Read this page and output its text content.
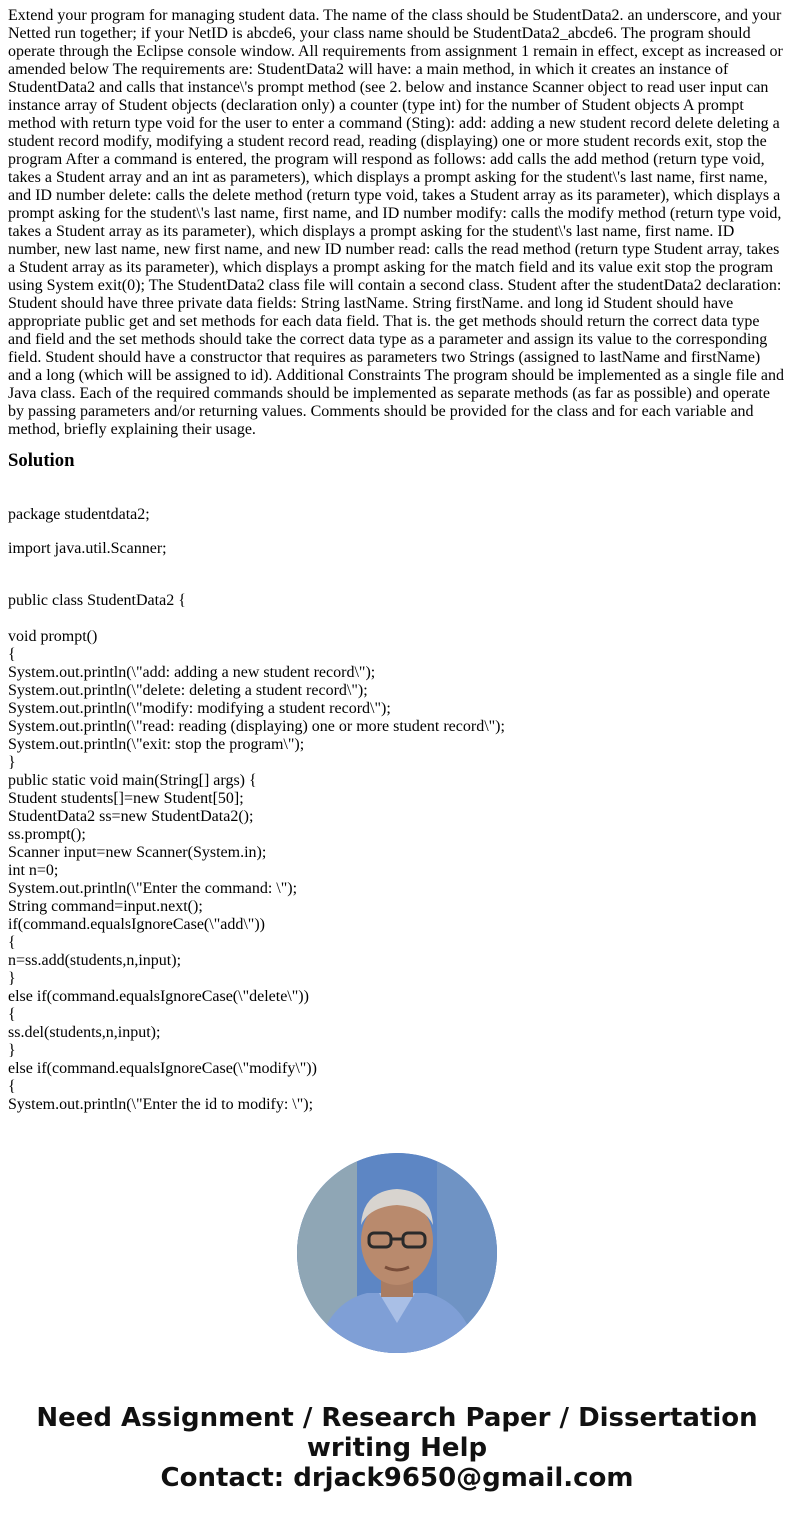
Extend your program for managing student data. The name of the class should be StudentData2. an underscore, and your Netted run together; if your NetID is abcde6, your class name should be StudentData2_abcde6. The program should operate through the Eclipse console window. All requirements from assignment 1 remain in effect, except as increased or amended below The requirements are: StudentData2 will have: a main method, in which it creates an instance of StudentData2 and calls that instance\'s prompt method (see 2. below and instance Scanner object to read user input can instance array of Student objects (declaration only) a counter (type int) for the number of Student objects A prompt method with return type void for the user to enter a command (Sting): add: adding a new student record delete deleting a student record modify, modifying a student record read, reading (displaying) one or more student records exit, stop the program After a command is entered, the program will respond as follows: add calls the add method (return type void, takes a Student array and an int as parameters), which displays a prompt asking for the student\'s last name, first name, and ID number delete: calls the delete method (return type void, takes a Student array as its parameter), which displays a prompt asking for the student\'s last name, first name, and ID number modify: calls the modify method (return type void, takes a Student array as its parameter), which displays a prompt asking for the student\'s last name, first name. ID number, new last name, new first name, and new ID number read: calls the read method (return type Student array, takes a Student array as its parameter), which displays a prompt asking for the match field and its value exit stop the program using System exit(0); The StudentData2 class file will contain a second class. Student after the studentData2 declaration: Student should have three private data fields: String lastName. String firstName. and long id Student should have appropriate public get and set methods for each data field. That is. the get methods should return the correct data type and field and the set methods should take the correct data type as a parameter and assign its value to the corresponding field. Student should have a constructor that requires as parameters two Strings (assigned to lastName and firstName) and a long (which will be assigned to id). Additional Constraints The program should be implemented as a single file and Java class. Each of the required commands should be implemented as separate methods (as far as possible) and operate by passing parameters and/or returning values. Comments should be provided for the class and for each variable and method, briefly explaining their usage.

Solution

package studentdata2;

import java.util.Scanner;

public class StudentData2 {

void prompt()

{

System.out.println(\"add: adding a new student record\");

System.out.println(\"delete: deleting a student record\");

System.out.println(\"modify: modifying a student record\");

System.out.println(\"read: reading (displaying) one or more student record\");

System.out.println(\"exit: stop the program\");

}

public static void main(String[] args) {

Student students[]=new Student[50];

StudentData2 ss=new StudentData2();

ss.prompt();

Scanner input=new Scanner(System.in);

int n=0;

System.out.println(\"Enter the command: \");

String command=input.next();

if(command.equalsIgnoreCase(\"add\"))

{

n=ss.add(students,n,input);

}

else if(command.equalsIgnoreCase(\"delete\"))

{

ss.del(students,n,input);

}

else if(command.equalsIgnoreCase(\"modify\"))

{

System.out.println(\"Enter the id to modify: \");

Need Assignment / Research Paper / Dissertation
writing Help
Contact: drjack9650@gmail.com
